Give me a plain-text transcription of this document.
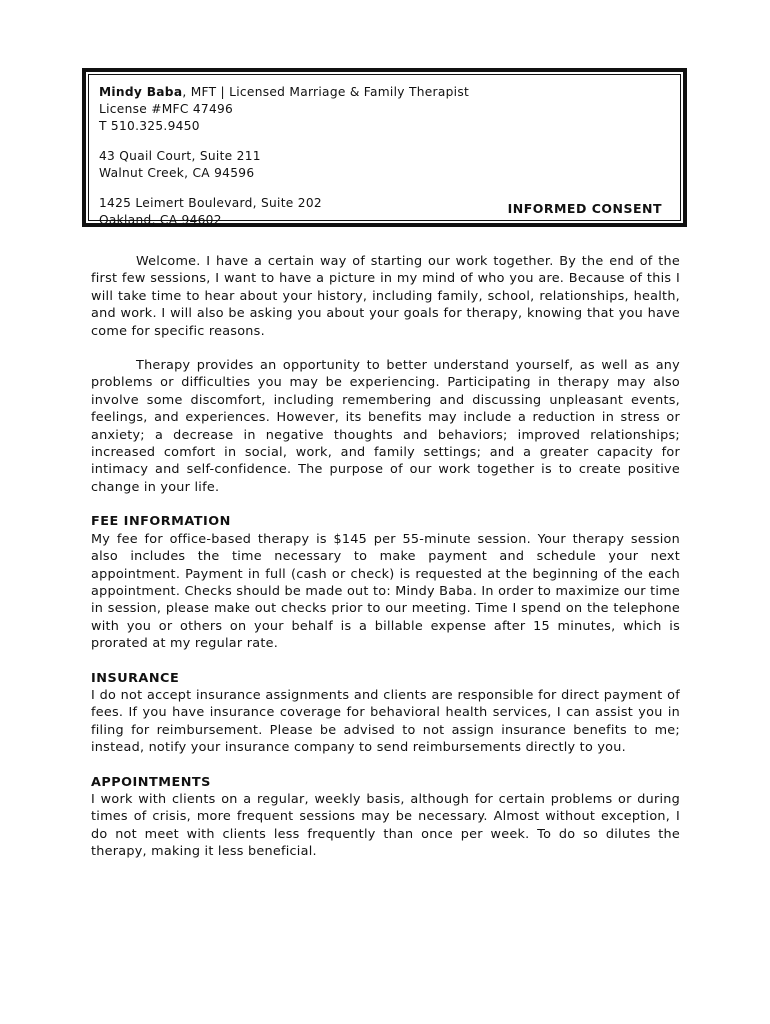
Mindy Baba, MFT | Licensed Marriage & Family Therapist
License #MFC 47496
T 510.325.9450
43 Quail Court, Suite 211
Walnut Creek, CA 94596
1425 Leimert Boulevard, Suite 202
Oakland, CA 94602
INFORMED CONSENT

Welcome. I have a certain way of starting our work together. By the end of the first few sessions, I want to have a picture in my mind of who you are. Because of this I will take time to hear about your history, including family, school, relationships, health, and work. I will also be asking you about your goals for therapy, knowing that you have come for specific reasons.

Therapy provides an opportunity to better understand yourself, as well as any problems or difficulties you may be experiencing. Participating in therapy may also involve some discomfort, including remembering and discussing unpleasant events, feelings, and experiences. However, its benefits may include a reduction in stress or anxiety; a decrease in negative thoughts and behaviors; improved relationships; increased comfort in social, work, and family settings; and a greater capacity for intimacy and self-confidence. The purpose of our work together is to create positive change in your life.

FEE INFORMATION

My fee for office-based therapy is $145 per 55-minute session. Your therapy session also includes the time necessary to make payment and schedule your next appointment. Payment in full (cash or check) is requested at the beginning of the each appointment. Checks should be made out to: Mindy Baba. In order to maximize our time in session, please make out checks prior to our meeting. Time I spend on the telephone with you or others on your behalf is a billable expense after 15 minutes, which is prorated at my regular rate.

INSURANCE

I do not accept insurance assignments and clients are responsible for direct payment of fees. If you have insurance coverage for behavioral health services, I can assist you in filing for reimbursement. Please be advised to not assign insurance benefits to me; instead, notify your insurance company to send reimbursements directly to you.

APPOINTMENTS

I work with clients on a regular, weekly basis, although for certain problems or during times of crisis, more frequent sessions may be necessary. Almost without exception, I do not meet with clients less frequently than once per week. To do so dilutes the therapy, making it less beneficial.
